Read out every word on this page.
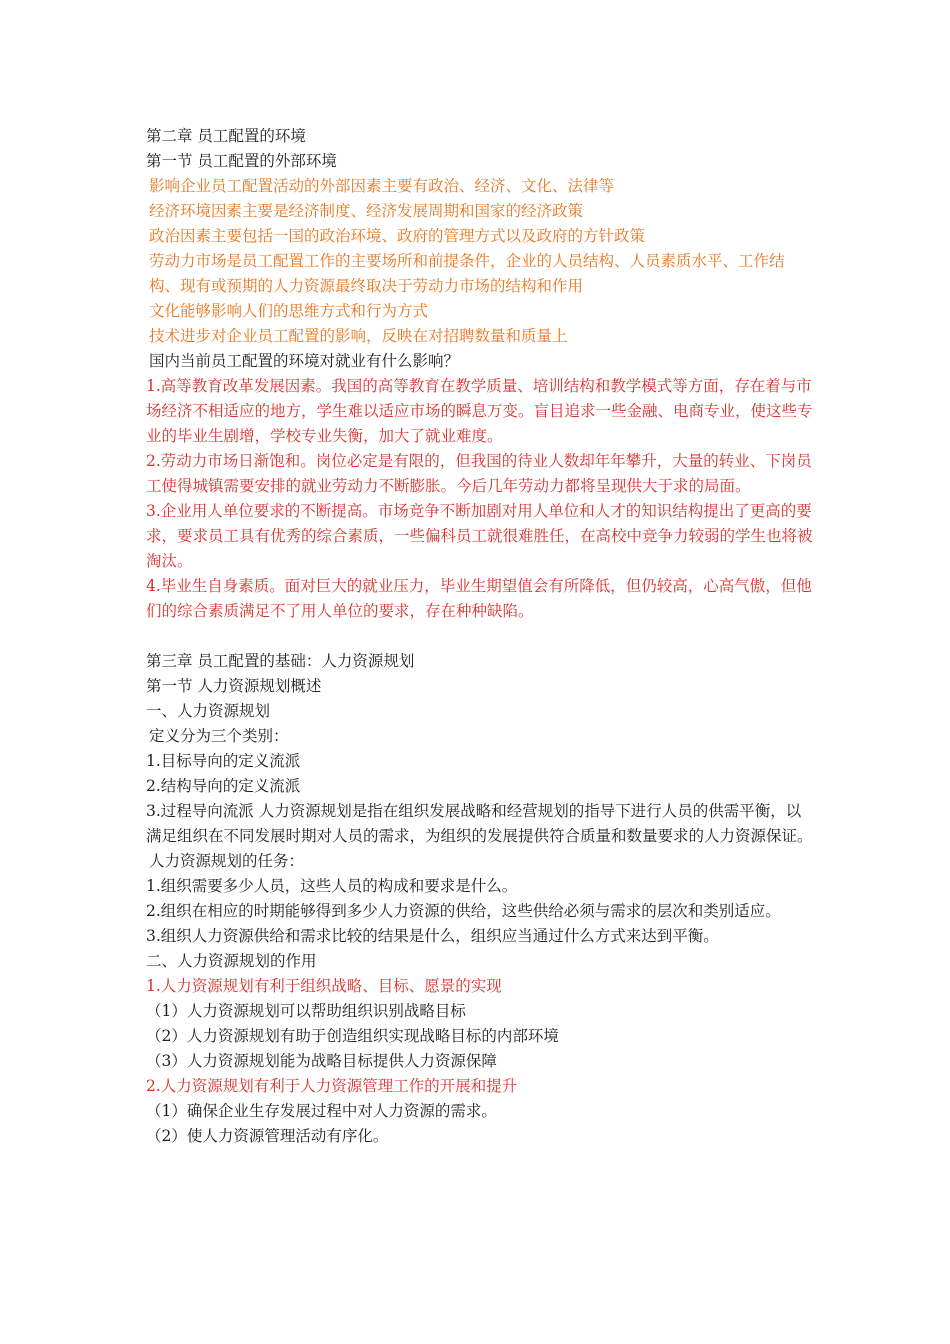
第二章 员工配置的环境

第一节 员工配置的外部环境

影响企业员工配置活动的外部因素主要有政治、经济、文化、法律等

经济环境因素主要是经济制度、经济发展周期和国家的经济政策

政治因素主要包括一国的政治环境、政府的管理方式以及政府的方针政策

劳动力市场是员工配置工作的主要场所和前提条件，企业的人员结构、人员素质水平、工作结构、现有或预期的人力资源最终取决于劳动力市场的结构和作用

文化能够影响人们的思维方式和行为方式

技术进步对企业员工配置的影响，反映在对招聘数量和质量上

国内当前员工配置的环境对就业有什么影响？

1.高等教育改革发展因素。我国的高等教育在教学质量、培训结构和教学模式等方面，存在着与市场经济不相适应的地方，学生难以适应市场的瞬息万变。盲目追求一些金融、电商专业，使这些专业的毕业生剧增，学校专业失衡，加大了就业难度。

2.劳动力市场日渐饱和。岗位必定是有限的，但我国的待业人数却年年攀升，大量的转业、下岗员工使得城镇需要安排的就业劳动力不断膨胀。今后几年劳动力都将呈现供大于求的局面。

3.企业用人单位要求的不断提高。市场竞争不断加剧对用人单位和人才的知识结构提出了更高的要求，要求员工具有优秀的综合素质，一些偏科员工就很难胜任，在高校中竞争力较弱的学生也将被淘汰。

4.毕业生自身素质。面对巨大的就业压力，毕业生期望值会有所降低，但仍较高，心高气傲，但他们的综合素质满足不了用人单位的要求，存在种种缺陷。

第三章 员工配置的基础：人力资源规划

第一节 人力资源规划概述

一、人力资源规划

定义分为三个类别：

1.目标导向的定义流派

2.结构导向的定义流派

3.过程导向流派 人力资源规划是指在组织发展战略和经营规划的指导下进行人员的供需平衡，以满足组织在不同发展时期对人员的需求，为组织的发展提供符合质量和数量要求的人力资源保证。

人力资源规划的任务：

1.组织需要多少人员，这些人员的构成和要求是什么。

2.组织在相应的时期能够得到多少人力资源的供给，这些供给必须与需求的层次和类别适应。

3.组织人力资源供给和需求比较的结果是什么，组织应当通过什么方式来达到平衡。

二、人力资源规划的作用

1.人力资源规划有利于组织战略、目标、愿景的实现

（1）人力资源规划可以帮助组织识别战略目标

（2）人力资源规划有助于创造组织实现战略目标的内部环境

（3）人力资源规划能为战略目标提供人力资源保障

2.人力资源规划有利于人力资源管理工作的开展和提升

（1）确保企业生存发展过程中对人力资源的需求。

（2）使人力资源管理活动有序化。
